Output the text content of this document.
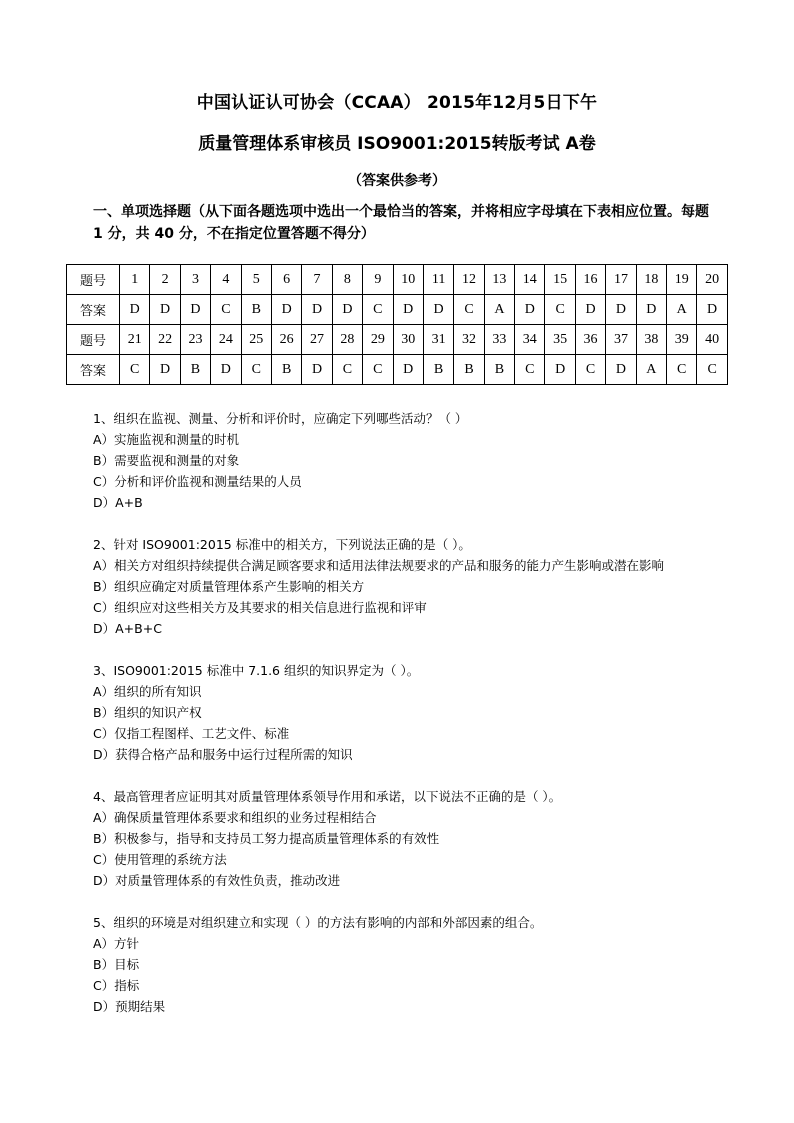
中国认证认可协会（CCAA） 2015年12月5日下午
质量管理体系审核员 ISO9001:2015转版考试 A卷
（答案供参考）
一、单项选择题（从下面各题选项中选出一个最恰当的答案，并将相应字母填在下表相应位置。每题 1 分，共 40 分，不在指定位置答题不得分）
题号	1	2	3	4	5	6	7	8	9	10	11	12	13	14	15	16	17	18	19	20
答案	D	D	D	C	B	D	D	D	C	D	D	C	A	D	C	D	D	D	A	D
题号	21	22	23	24	25	26	27	28	29	30	31	32	33	34	35	36	37	38	39	40
答案	C	D	B	D	C	B	D	C	C	D	B	B	B	C	D	C	D	A	C	C
1、组织在监视、测量、分析和评价时，应确定下列哪些活动？（ ）
A）实施监视和测量的时机
B）需要监视和测量的对象
C）分析和评价监视和测量结果的人员
D）A+B
2、针对 ISO9001:2015 标准中的相关方，下列说法正确的是（ ）。
A）相关方对组织持续提供合满足顾客要求和适用法律法规要求的产品和服务的能力产生影响或潜在影响
B）组织应确定对质量管理体系产生影响的相关方
C）组织应对这些相关方及其要求的相关信息进行监视和评审
D）A+B+C
3、ISO9001:2015 标准中 7.1.6 组织的知识界定为（ ）。
A）组织的所有知识
B）组织的知识产权
C）仅指工程图样、工艺文件、标准
D）获得合格产品和服务中运行过程所需的知识
4、最高管理者应证明其对质量管理体系领导作用和承诺，以下说法不正确的是（ ）。
A）确保质量管理体系要求和组织的业务过程相结合
B）积极参与，指导和支持员工努力提高质量管理体系的有效性
C）使用管理的系统方法
D）对质量管理体系的有效性负责，推动改进
5、组织的环境是对组织建立和实现（ ）的方法有影响的内部和外部因素的组合。
A）方针
B）目标
C）指标
D）预期结果
